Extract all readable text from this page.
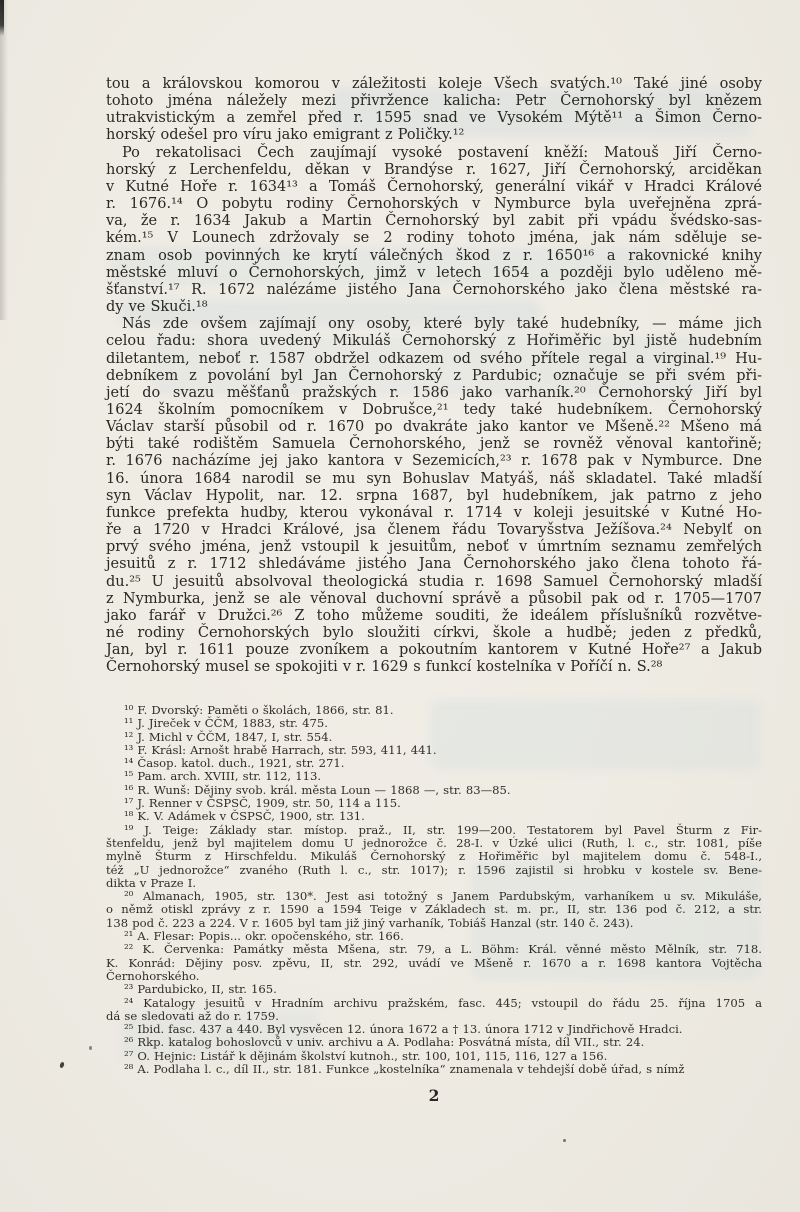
tou a královskou komorou v záležitosti koleje Všech svatých.¹⁰ Také jiné osoby
tohoto jména náležely mezi přivržence kalicha: Petr Černohorský byl knězem
utrakvistickým a zemřel před r. 1595 snad ve Vysokém Mýtě¹¹ a Šimon Černo-
horský odešel pro víru jako emigrant z Poličky.¹²
Po rekatolisaci Čech zaujímají vysoké postavení kněží: Matouš Jiří Černo-
horský z Lerchenfeldu, děkan v Brandýse r. 1627, Jiří Černohorský, arciděkan
v Kutné Hoře r. 1634¹³ a Tomáš Černohorský, generální vikář v Hradci Králové
r. 1676.¹⁴ O pobytu rodiny Černohorských v Nymburce byla uveřejněna zprá-
va, že r. 1634 Jakub a Martin Černohorský byl zabit při vpádu švédsko-sas-
kém.¹⁵ V Lounech zdržovaly se 2 rodiny tohoto jména, jak nám sděluje se-
znam osob povinných ke krytí válečných škod z r. 1650¹⁶ a rakovnické knihy
městské mluví o Černohorských, jimž v letech 1654 a později bylo uděleno mě-
šťanství.¹⁷ R. 1672 nalézáme jistého Jana Černohorského jako člena městské ra-
dy ve Skuči.¹⁸
Nás zde ovšem zajímají ony osoby, které byly také hudebníky, — máme jich
celou řadu: shora uvedený Mikuláš Černohorský z Hořiměřic byl jistě hudebním
diletantem, neboť r. 1587 obdržel odkazem od svého přítele regal a virginal.¹⁹ Hu-
debníkem z povolání byl Jan Černohorský z Pardubic; označuje se při svém při-
jetí do svazu měšťanů pražských r. 1586 jako varhaník.²⁰ Černohorský Jiří byl
1624 školním pomocníkem v Dobrušce,²¹ tedy také hudebníkem. Černohorský
Václav starší působil od r. 1670 po dvakráte jako kantor ve Mšeně.²² Mšeno má
býti také rodištěm Samuela Černohorského, jenž se rovněž věnoval kantořině;
r. 1676 nacházíme jej jako kantora v Sezemicích,²³ r. 1678 pak v Nymburce. Dne
16. února 1684 narodil se mu syn Bohuslav Matyáš, náš skladatel. Také mladší
syn Václav Hypolit, nar. 12. srpna 1687, byl hudebníkem, jak patrno z jeho
funkce prefekta hudby, kterou vykonával r. 1714 v koleji jesuitské v Kutné Ho-
ře a 1720 v Hradci Králové, jsa členem řádu Tovaryšstva Ježíšova.²⁴ Nebylť on
prvý svého jména, jenž vstoupil k jesuitům, neboť v úmrtním seznamu zemřelých
jesuitů z r. 1712 shledáváme jistého Jana Černohorského jako člena tohoto řá-
du.²⁵ U jesuitů absolvoval theologická studia r. 1698 Samuel Černohorský mladší
z Nymburka, jenž se ale věnoval duchovní správě a působil pak od r. 1705—1707
jako farář v Družci.²⁶ Z toho můžeme souditi, že ideálem příslušníků rozvětve-
né rodiny Černohorských bylo sloužiti církvi, škole a hudbě; jeden z předků,
Jan, byl r. 1611 pouze zvoníkem a pokoutním kantorem v Kutné Hoře²⁷ a Jakub
Černohorský musel se spokojiti v r. 1629 s funkcí kostelníka v Poříčí n. S.²⁸
¹⁰ F. Dvorský: Paměti o školách, 1866, str. 81.
¹¹ J. Jireček v ČČM, 1883, str. 475.
¹² J. Michl v ČČM, 1847, I, str. 554.
¹³ F. Krásl: Arnošt hrabě Harrach, str. 593, 411, 441.
¹⁴ Časop. katol. duch., 1921, str. 271.
¹⁵ Pam. arch. XVIII, str. 112, 113.
¹⁶ R. Wunš: Dějiny svob. král. města Loun — 1868 —, str. 83—85.
¹⁷ J. Renner v ČSPSČ, 1909, str. 50, 114 a 115.
¹⁸ K. V. Adámek v ČSPSČ, 1900, str. 131.
¹⁹ J. Teige: Základy star. místop. praž., II, str. 199—200. Testatorem byl Pavel Šturm z Fir-
štenfeldu, jenž byl majitelem domu U jednorožce č. 28-I. v Úzké ulici (Ruth, l. c., str. 1081, píše
mylně Šturm z Hirschfeldu. Mikuláš Černohorský z Hořiměřic byl majitelem domu č. 548-I.,
též „U jednorožce“ zvaného (Ruth l. c., str. 1017); r. 1596 zajistil si hrobku v kostele sv. Bene-
dikta v Praze I.
²⁰ Almanach, 1905, str. 130*. Jest asi totožný s Janem Pardubským, varhaníkem u sv. Mikuláše,
o němž otiskl zprávy z r. 1590 a 1594 Teige v Základech st. m. pr., II, str. 136 pod č. 212, a str.
138 pod č. 223 a 224. V r. 1605 byl tam již jiný varhaník, Tobiáš Hanzal (str. 140 č. 243).
²¹ A. Flesar: Popis... okr. opočenského, str. 166.
²² K. Červenka: Památky města Mšena, str. 79, a L. Böhm: Král. věnné město Mělník, str. 718.
K. Konrád: Dějiny posv. zpěvu, II, str. 292, uvádí ve Mšeně r. 1670 a r. 1698 kantora Vojtěcha
Černohorského.
²³ Pardubicko, II, str. 165.
²⁴ Katalogy jesuitů v Hradním archivu pražském, fasc. 445; vstoupil do řádu 25. října 1705 a
dá se sledovati až do r. 1759.
²⁵ Ibid. fasc. 437 a 440. Byl vysvěcen 12. února 1672 a † 13. února 1712 v Jindřichově Hradci.
²⁶ Rkp. katalog bohoslovců v univ. archivu a A. Podlaha: Posvátná místa, díl VII., str. 24.
²⁷ O. Hejnic: Listář k dějinám školství kutnoh., str. 100, 101, 115, 116, 127 a 156.
²⁸ A. Podlaha l. c., díl II., str. 181. Funkce „kostelníka“ znamenala v tehdejší době úřad, s nímž
2
